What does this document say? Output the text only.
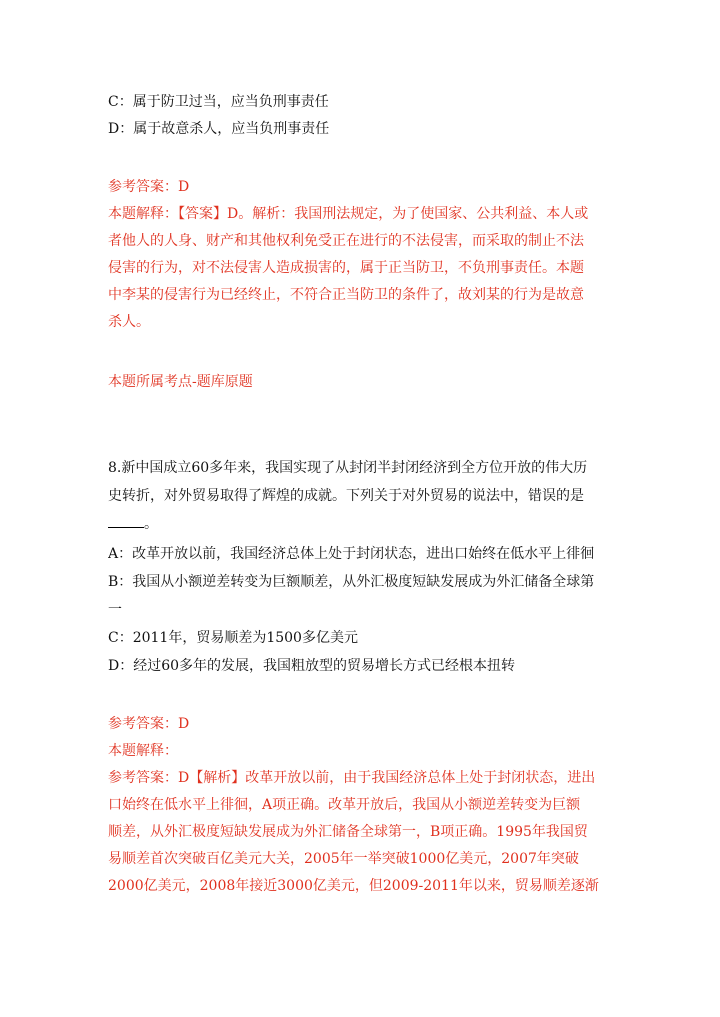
C：属于防卫过当，应当负刑事责任
D：属于故意杀人，应当负刑事责任
参考答案：D
本题解释：【答案】D。解析：我国刑法规定，为了使国家、公共利益、本人或
者他人的人身、财产和其他权利免受正在进行的不法侵害，而采取的制止不法
侵害的行为，对不法侵害人造成损害的，属于正当防卫，不负刑事责任。本题
中李某的侵害行为已经终止，不符合正当防卫的条件了，故刘某的行为是故意
杀人。
本题所属考点-题库原题
8.新中国成立60多年来，我国实现了从封闭半封闭经济到全方位开放的伟大历
史转折，对外贸易取得了辉煌的成就。下列关于对外贸易的说法中，错误的是
。
A：改革开放以前，我国经济总体上处于封闭状态，进出口始终在低水平上徘徊
B：我国从小额逆差转变为巨额顺差，从外汇极度短缺发展成为外汇储备全球第
一
C：2011年，贸易顺差为1500多亿美元
D：经过60多年的发展，我国粗放型的贸易增长方式已经根本扭转
参考答案：D
本题解释：
参考答案：D【解析】改革开放以前，由于我国经济总体上处于封闭状态，进出
口始终在低水平上徘徊，A项正确。改革开放后，我国从小额逆差转变为巨额
顺差，从外汇极度短缺发展成为外汇储备全球第一，B项正确。1995年我国贸
易顺差首次突破百亿美元大关，2005年一举突破1000亿美元，2007年突破
2000亿美元，2008年接近3000亿美元，但2009-2011年以来，贸易顺差逐渐
